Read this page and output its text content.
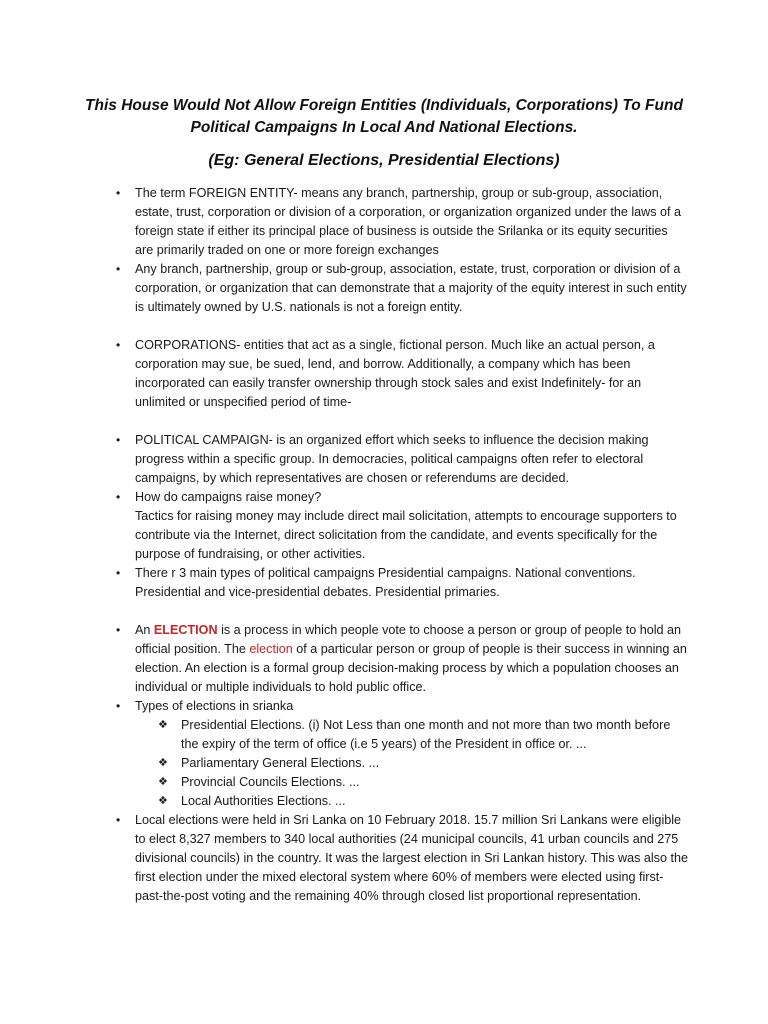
This House Would Not Allow Foreign Entities (Individuals, Corporations) To Fund
Political Campaigns In Local And National Elections.
(Eg: General Elections, Presidential Elections)
• The term FOREIGN ENTITY- means any branch, partnership, group or sub-group, association, estate, trust, corporation or division of a corporation, or organization organized under the laws of a foreign state if either its principal place of business is outside the Srilanka or its equity securities are primarily traded on one or more foreign exchanges
• Any branch, partnership, group or sub-group, association, estate, trust, corporation or division of a corporation, or organization that can demonstrate that a majority of the equity interest in such entity is ultimately owned by U.S. nationals is not a foreign entity.
• CORPORATIONS- entities that act as a single, fictional person. Much like an actual person, a corporation may sue, be sued, lend, and borrow. Additionally, a company which has been incorporated can easily transfer ownership through stock sales and exist Indefinitely- for an unlimited or unspecified period of time-
• POLITICAL CAMPAIGN- is an organized effort which seeks to influence the decision making progress within a specific group. In democracies, political campaigns often refer to electoral campaigns, by which representatives are chosen or referendums are decided.
• How do campaigns raise money?
Tactics for raising money may include direct mail solicitation, attempts to encourage supporters to contribute via the Internet, direct solicitation from the candidate, and events specifically for the purpose of fundraising, or other activities.
• There r 3 main types of political campaigns Presidential campaigns. National conventions. Presidential and vice-presidential debates. Presidential primaries.
• An ELECTION is a process in which people vote to choose a person or group of people to hold an official position. The election of a particular person or group of people is their success in winning an election. An election is a formal group decision-making process by which a population chooses an individual or multiple individuals to hold public office.
• Types of elections in srianka
❖ Presidential Elections. (i) Not Less than one month and not more than two month before the expiry of the term of office (i.e 5 years) of the President in office or. ...
❖ Parliamentary General Elections. ...
❖ Provincial Councils Elections. ...
❖ Local Authorities Elections. ...
• Local elections were held in Sri Lanka on 10 February 2018. 15.7 million Sri Lankans were eligible to elect 8,327 members to 340 local authorities (24 municipal councils, 41 urban councils and 275 divisional councils) in the country. It was the largest election in Sri Lankan history. This was also the first election under the mixed electoral system where 60% of members were elected using first-past-the-post voting and the remaining 40% through closed list proportional representation.
